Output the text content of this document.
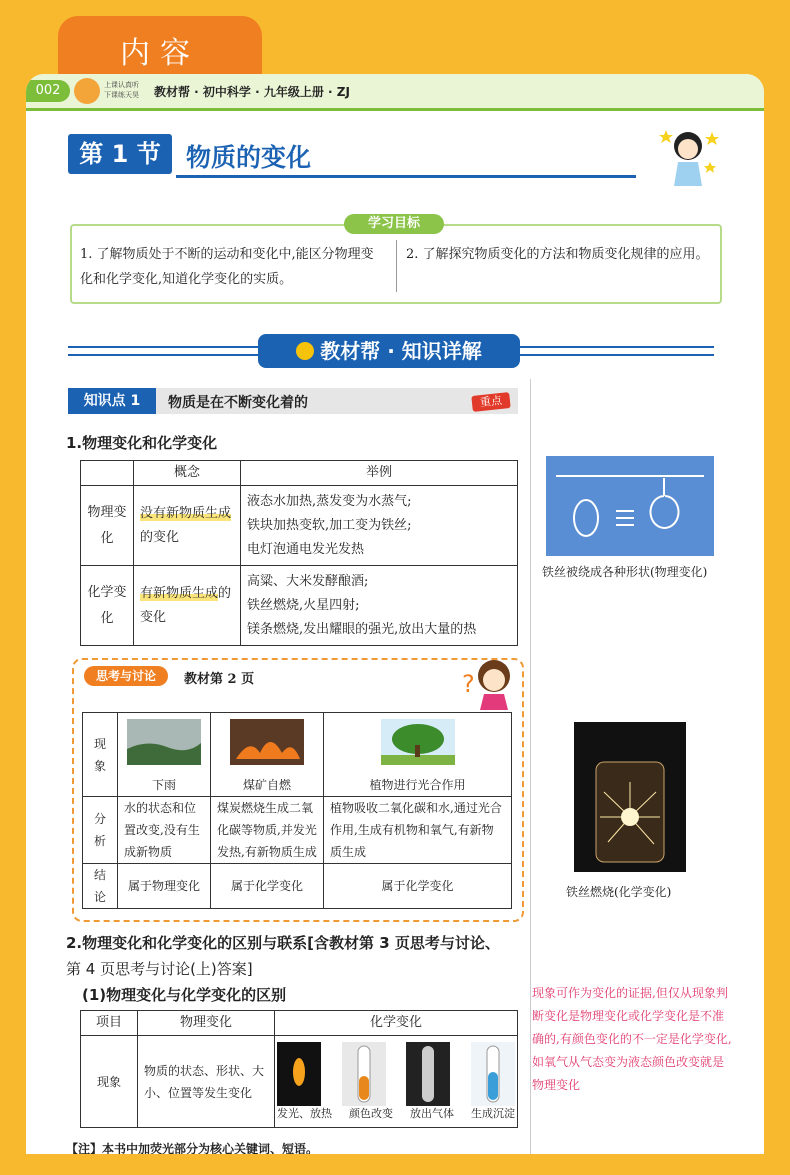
内容
002	上课认真听
下课练天昊 教材帮 · 初中科学 · 九年级上册 · ZJ
第 1 节	物质的变化
1. 了解物质处于不断的运动和变化中,能区分物理变化和化学变化,知道化学变化的实质。
2. 了解探究物质变化的方法和物质变化规律的应用。
学习目标
教材帮 · 知识详解
知识点 1	物质是在不断变化着的	重点
1.物理变化和化学变化
	概念	举例
物理变化	没有新物质生成的变化	液态水加热,蒸发变为水蒸气;
铁块加热变软,加工变为铁丝;
电灯泡通电发光发热

化学变化	有新物质生成的变化	高粱、大米发酵酿酒;
铁丝燃烧,火星四射;
镁条燃烧,发出耀眼的强光,放出大量的热
铁丝被绕成各种形状(物理变化)
铁丝燃烧(化学变化)
思考与讨论	教材第 2 页	?
现象	下雨	煤矿自燃	植物进行光合作用

分析	水的状态和位置改变,没有生成新物质	煤炭燃烧生成二氧化碳等物质,并发光发热,有新物质生成	植物吸收二氧化碳和水,通过光合作用,生成有机物和氧气,有新物质生成
结论	属于物理变化	属于化学变化	属于化学变化
2.物理变化和化学变化的区别与联系[含教材第 3 页思考与讨论、
第 4 页思考与讨论(上)答案]
(1)物理变化与化学变化的区别
项目	物理变化	化学变化
现象	物质的状态、形状、大小、位置等发生变化	发光、放热 颜色改变 放出气体 生成沉淀
现象可作为变化的证据,但仅从现象判断变化是物理变化或化学变化是不准确的,有颜色变化的不一定是化学变化,如氧气从气态变为液态颜色改变就是物理变化
【注】本书中加荧光部分为核心关键词、短语。
